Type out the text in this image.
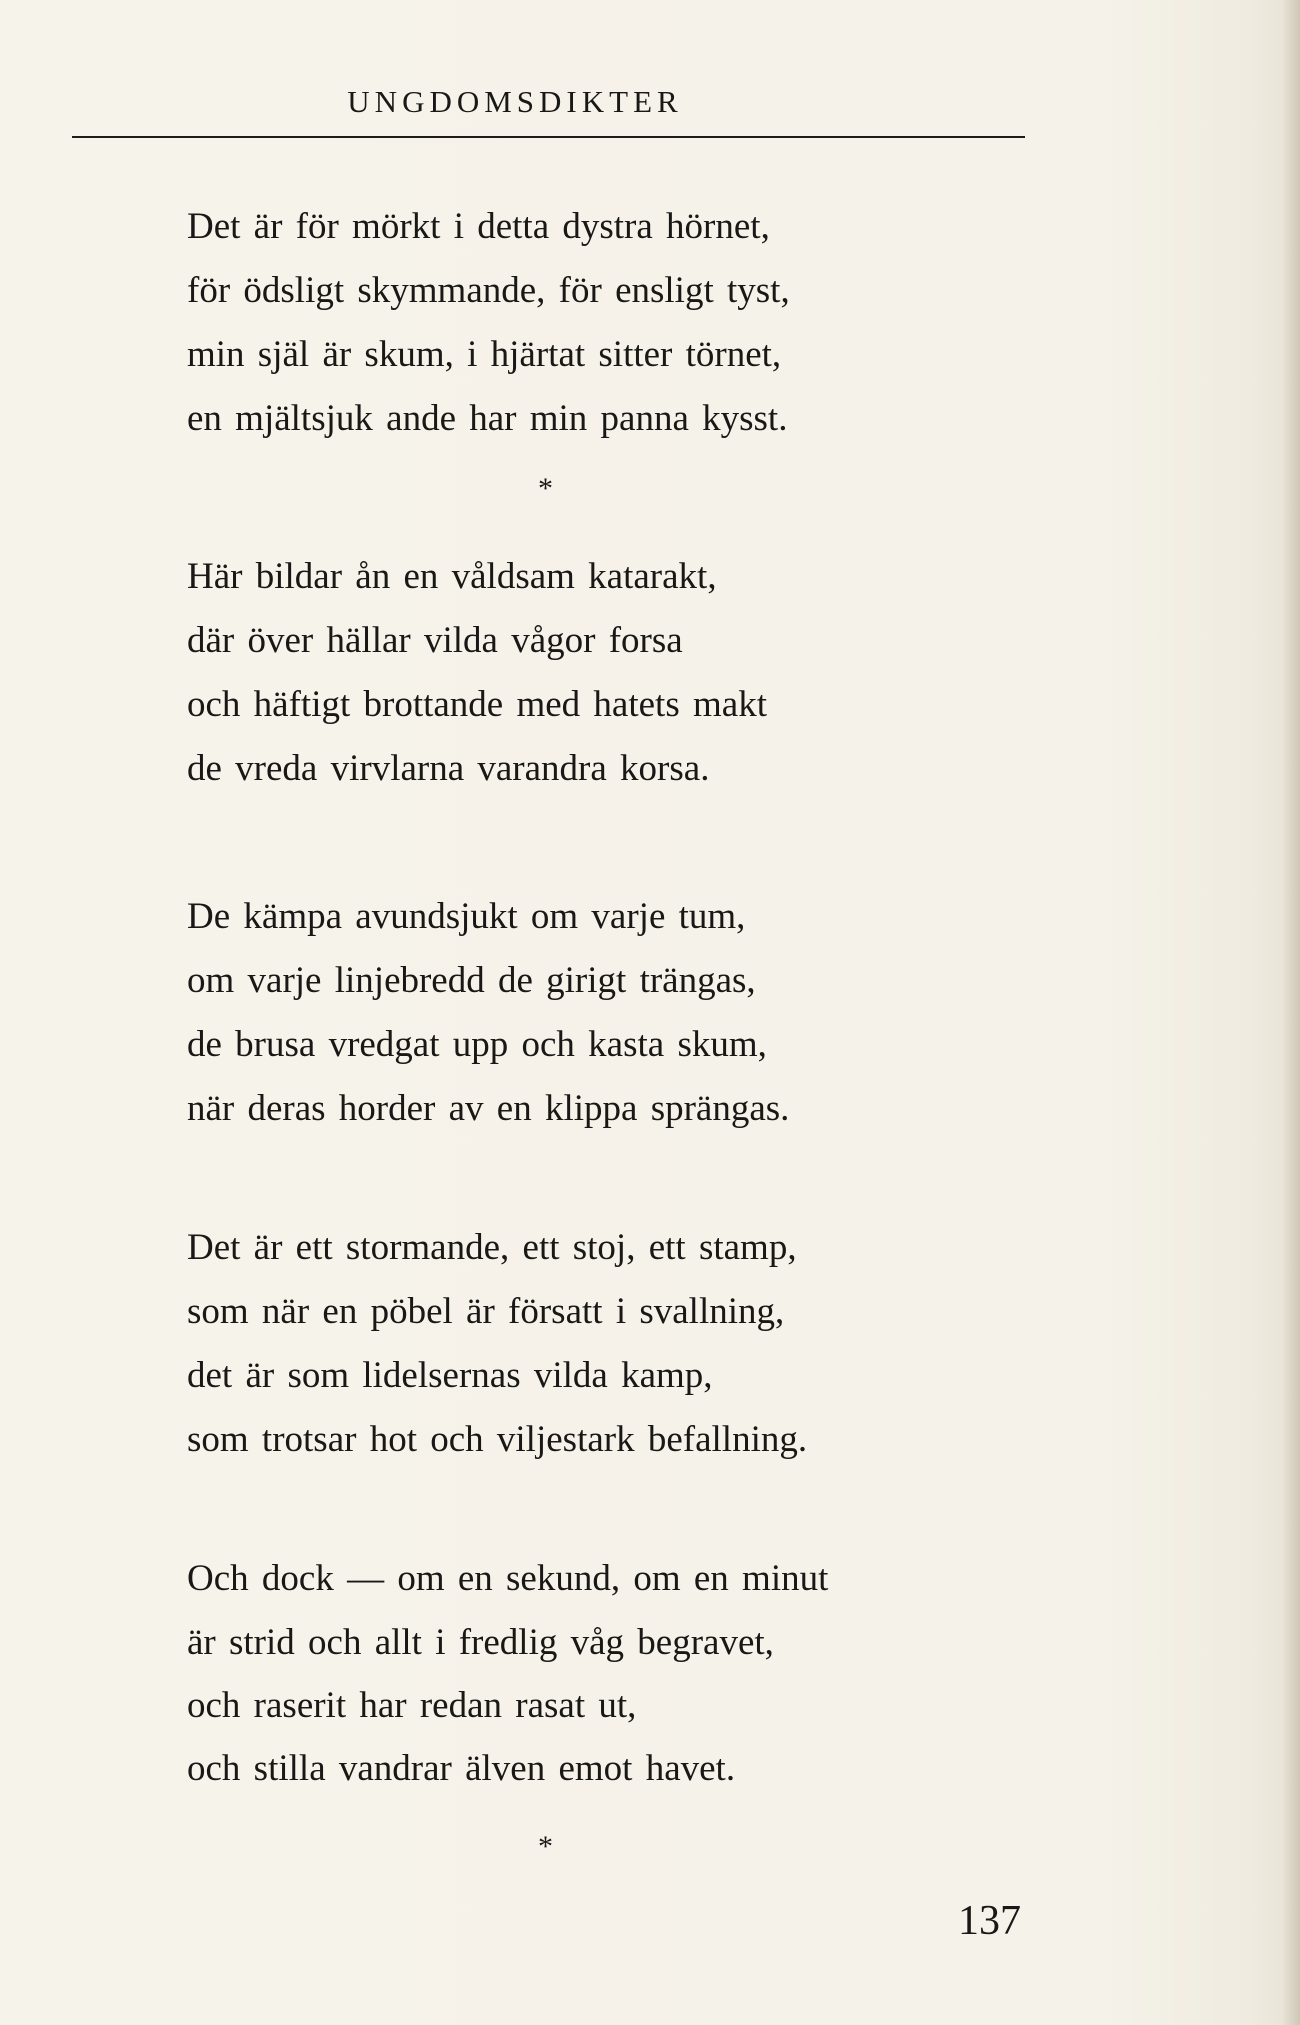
UNGDOMSDIKTER
Det är för mörkt i detta dystra hörnet,
för ödsligt skymmande, för ensligt tyst,
min själ är skum, i hjärtat sitter törnet,
en mjältsjuk ande har min panna kysst.
*
Här bildar ån en våldsam katarakt,
där över hällar vilda vågor forsa
och häftigt brottande med hatets makt
de vreda virvlarna varandra korsa.
De kämpa avundsjukt om varje tum,
om varje linjebredd de girigt trängas,
de brusa vredgat upp och kasta skum,
när deras horder av en klippa sprängas.
Det är ett stormande, ett stoj, ett stamp,
som när en pöbel är försatt i svallning,
det är som lidelsernas vilda kamp,
som trotsar hot och viljestark befallning.
Och dock — om en sekund, om en minut
är strid och allt i fredlig våg begravet,
och raserit har redan rasat ut,
och stilla vandrar älven emot havet.
*
137
